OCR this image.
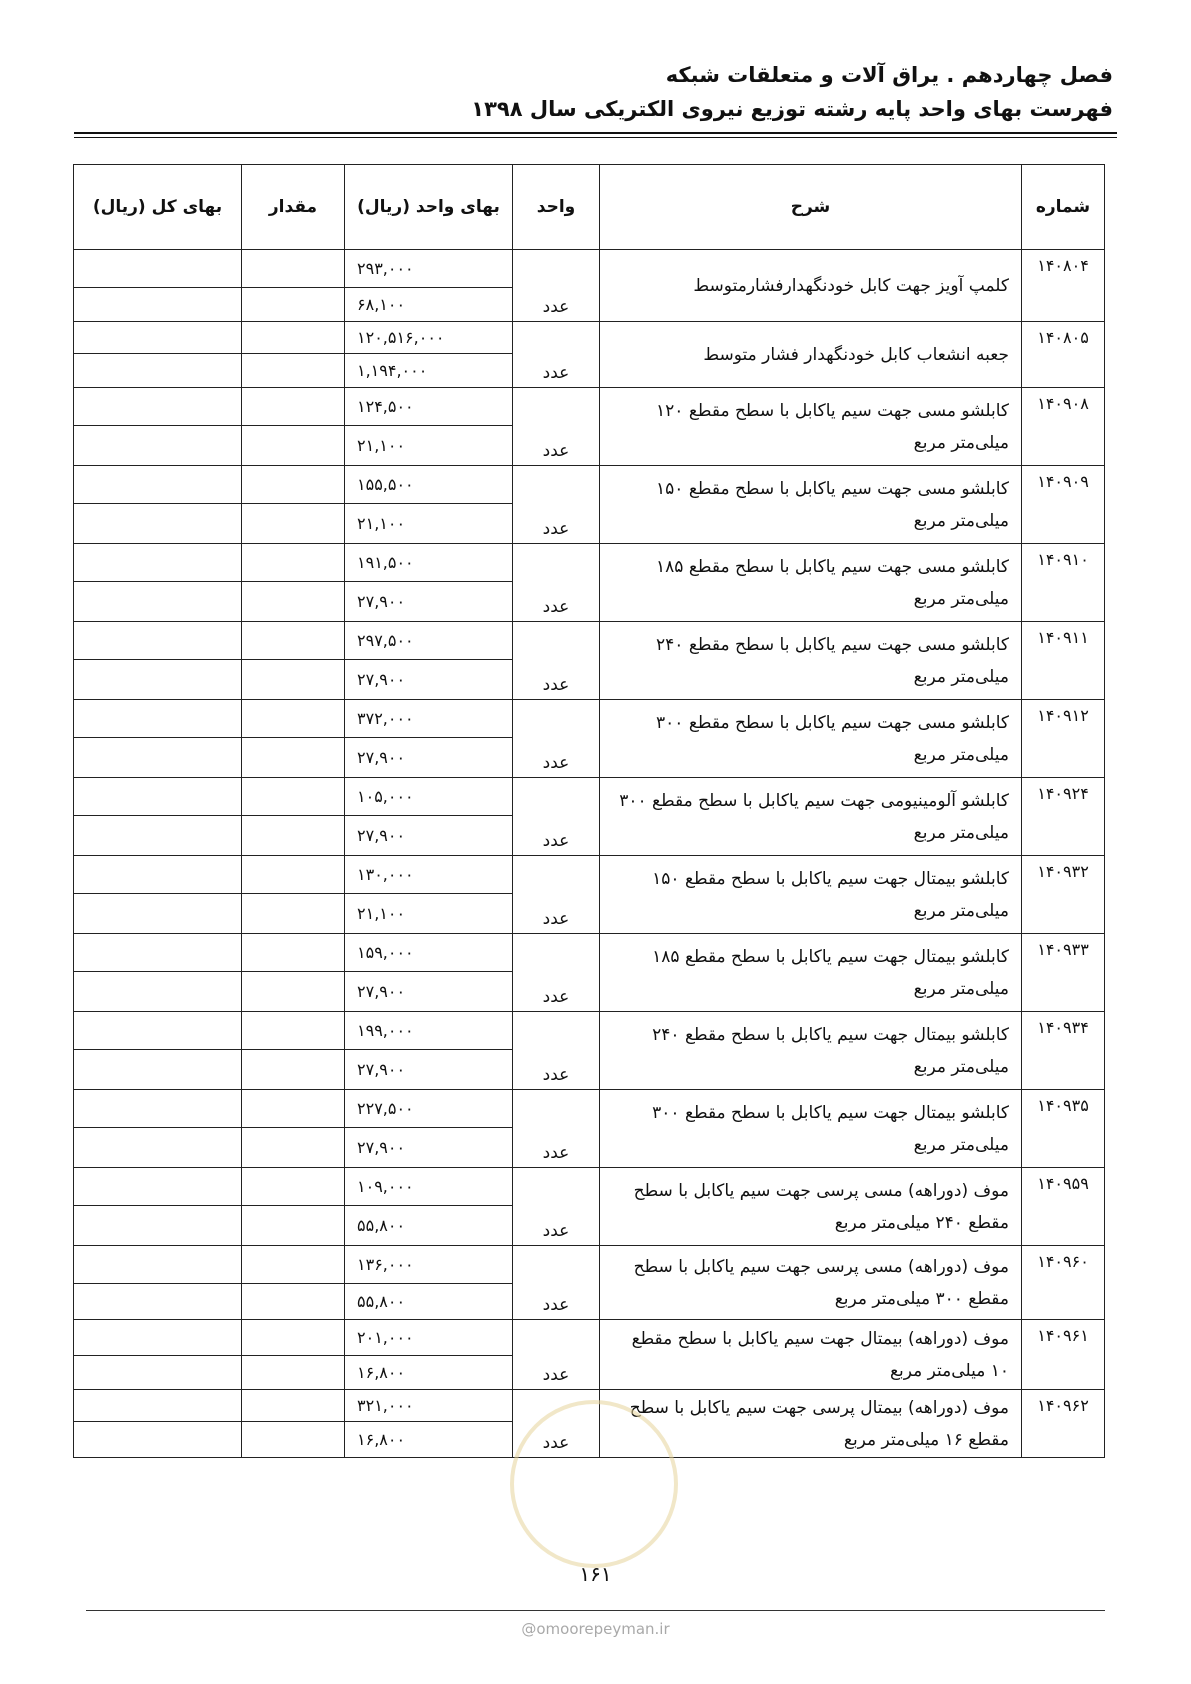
فصل چهاردهم . یراق آلات و متعلقات شبکه
فهرست بهای واحد پایه رشته توزیع نیروی الکتریکی سال ۱۳۹۸
شماره	شرح	واحد	بهای واحد (ریال)	مقدار	بهای کل (ریال)
۱۴۰۸۰۴	کلمپ آویز جهت کابل خودنگهدارفشارمتوسط	عدد	۲۹۳,۰۰۰		
			۶۸,۱۰۰		
۱۴۰۸۰۵	جعبه انشعاب کابل خودنگهدار فشار متوسط	عدد	۱۲۰,۵۱۶,۰۰۰		
			۱,۱۹۴,۰۰۰		
۱۴۰۹۰۸	کابلشو مسی جهت سیم یاکابل با سطح مقطع ۱۲۰ میلی‌متر مربع	عدد	۱۲۴,۵۰۰		
			۲۱,۱۰۰		
۱۴۰۹۰۹	کابلشو مسی جهت سیم یاکابل با سطح مقطع ۱۵۰ میلی‌متر مربع	عدد	۱۵۵,۵۰۰		
			۲۱,۱۰۰		
۱۴۰۹۱۰	کابلشو مسی جهت سیم یاکابل با سطح مقطع ۱۸۵ میلی‌متر مربع	عدد	۱۹۱,۵۰۰		
			۲۷,۹۰۰		
۱۴۰۹۱۱	کابلشو مسی جهت سیم یاکابل با سطح مقطع ۲۴۰ میلی‌متر مربع	عدد	۲۹۷,۵۰۰		
			۲۷,۹۰۰		
۱۴۰۹۱۲	کابلشو مسی جهت سیم یاکابل با سطح مقطع ۳۰۰ میلی‌متر مربع	عدد	۳۷۲,۰۰۰		
			۲۷,۹۰۰		
۱۴۰۹۲۴	کابلشو آلومینیومی جهت سیم یاکابل با سطح مقطع ۳۰۰ میلی‌متر مربع	عدد	۱۰۵,۰۰۰		
			۲۷,۹۰۰		
۱۴۰۹۳۲	کابلشو بیمتال جهت سیم یاکابل با سطح مقطع ۱۵۰ میلی‌متر مربع	عدد	۱۳۰,۰۰۰		
			۲۱,۱۰۰		
۱۴۰۹۳۳	کابلشو بیمتال جهت سیم یاکابل با سطح مقطع ۱۸۵ میلی‌متر مربع	عدد	۱۵۹,۰۰۰		
			۲۷,۹۰۰		
۱۴۰۹۳۴	کابلشو بیمتال جهت سیم یاکابل با سطح مقطع ۲۴۰ میلی‌متر مربع	عدد	۱۹۹,۰۰۰		
			۲۷,۹۰۰		
۱۴۰۹۳۵	کابلشو بیمتال جهت سیم یاکابل با سطح مقطع ۳۰۰ میلی‌متر مربع	عدد	۲۲۷,۵۰۰		
			۲۷,۹۰۰		
۱۴۰۹۵۹	موف (دوراهه) مسی پرسی جهت سیم یاکابل با سطح مقطع ۲۴۰ میلی‌متر مربع	عدد	۱۰۹,۰۰۰		
			۵۵,۸۰۰		
۱۴۰۹۶۰	موف (دوراهه) مسی پرسی جهت سیم یاکابل با سطح مقطع ۳۰۰ میلی‌متر مربع	عدد	۱۳۶,۰۰۰		
			۵۵,۸۰۰		
۱۴۰۹۶۱	موف (دوراهه) بیمتال جهت سیم یاکابل با سطح مقطع ۱۰ میلی‌متر مربع	عدد	۲۰۱,۰۰۰		
			۱۶,۸۰۰		
۱۴۰۹۶۲	موف (دوراهه) بیمتال پرسی جهت سیم یاکابل با سطح مقطع ۱۶ میلی‌متر مربع	عدد	۳۲۱,۰۰۰		
			۱۶,۸۰۰		
۱۶۱
@omoorepeyman.ir
